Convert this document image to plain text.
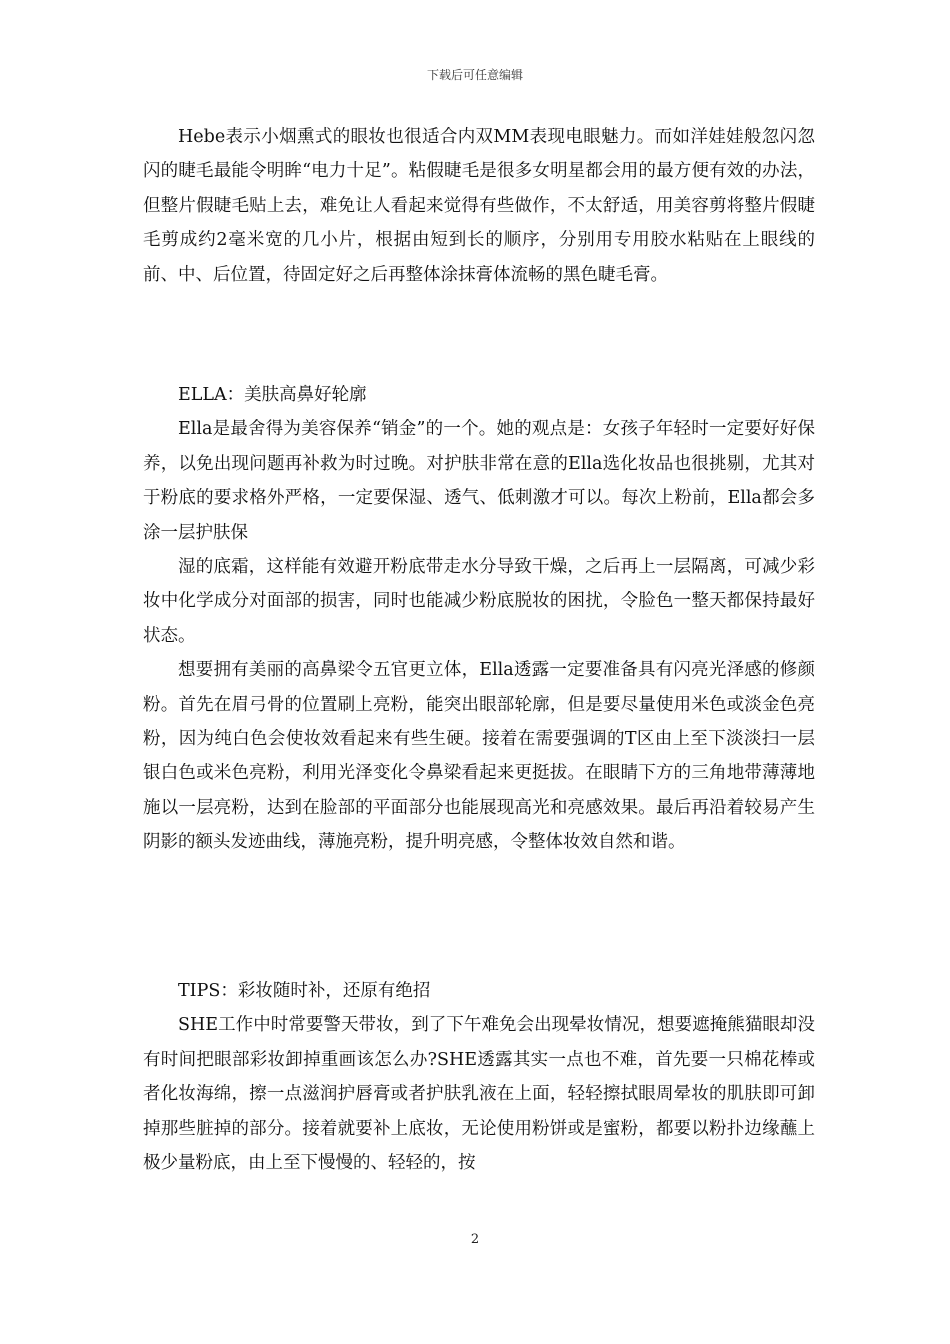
下载后可任意编辑

Hebe表示小烟熏式的眼妆也很适合内双MM表现电眼魅力。而如洋娃娃般忽闪忽闪的睫毛最能令明眸“电力十足”。粘假睫毛是很多女明星都会用的最方便有效的办法，但整片假睫毛贴上去，难免让人看起来觉得有些做作，不太舒适，用美容剪将整片假睫毛剪成约2毫米宽的几小片，根据由短到长的顺序，分别用专用胶水粘贴在上眼线的前、中、后位置，待固定好之后再整体涂抹膏体流畅的黑色睫毛膏。

ELLA：美肤高鼻好轮廓

Ella是最舍得为美容保养“销金”的一个。她的观点是：女孩子年轻时一定要好好保养，以免出现问题再补救为时过晚。对护肤非常在意的Ella选化妆品也很挑剔，尤其对于粉底的要求格外严格，一定要保湿、透气、低刺激才可以。每次上粉前，Ella都会多涂一层护肤保

湿的底霜，这样能有效避开粉底带走水分导致干燥，之后再上一层隔离，可减少彩妆中化学成分对面部的损害，同时也能减少粉底脱妆的困扰，令脸色一整天都保持最好状态。

想要拥有美丽的高鼻梁令五官更立体，Ella透露一定要准备具有闪亮光泽感的修颜粉。首先在眉弓骨的位置刷上亮粉，能突出眼部轮廓，但是要尽量使用米色或淡金色亮粉，因为纯白色会使妆效看起来有些生硬。接着在需要强调的T区由上至下淡淡扫一层银白色或米色亮粉，利用光泽变化令鼻梁看起来更挺拔。在眼睛下方的三角地带薄薄地施以一层亮粉，达到在脸部的平面部分也能展现高光和亮感效果。最后再沿着较易产生阴影的额头发迹曲线，薄施亮粉，提升明亮感，令整体妆效自然和谐。

TIPS：彩妆随时补，还原有绝招

SHE工作中时常要警天带妆，到了下午难免会出现晕妆情况，想要遮掩熊猫眼却没有时间把眼部彩妆卸掉重画该怎么办?SHE透露其实一点也不难，首先要一只棉花棒或者化妆海绵，擦一点滋润护唇膏或者护肤乳液在上面，轻轻擦拭眼周晕妆的肌肤即可卸掉那些脏掉的部分。接着就要补上底妆，无论使用粉饼或是蜜粉，都要以粉扑边缘蘸上极少量粉底，由上至下慢慢的、轻轻的，按

2
